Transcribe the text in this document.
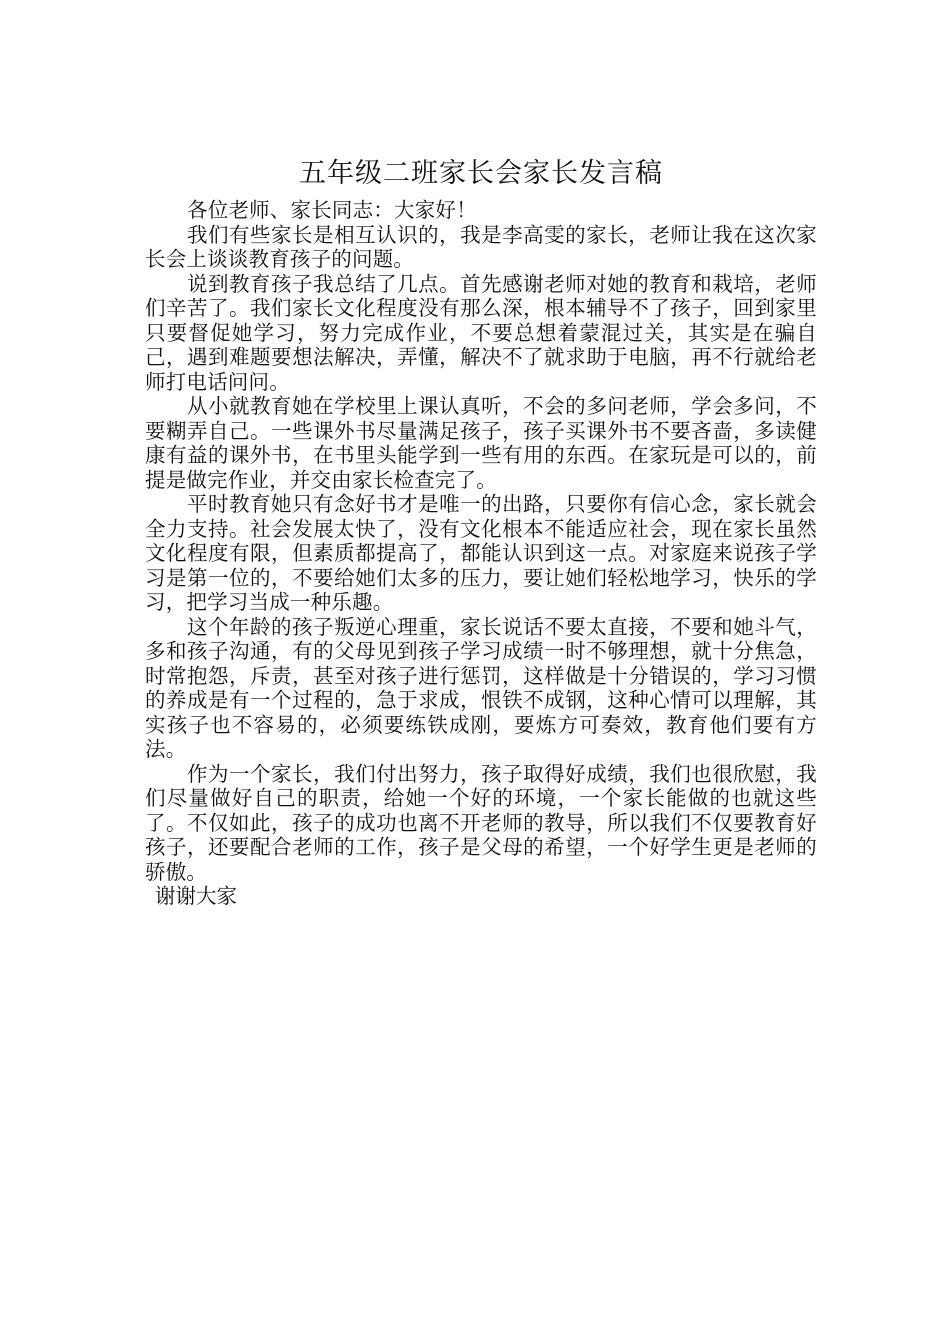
五年级二班家长会家长发言稿

各位老师、家长同志：大家好！

我们有些家长是相互认识的，我是李高雯的家长，老师让我在这次家长会上谈谈教育孩子的问题。

说到教育孩子我总结了几点。首先感谢老师对她的教育和栽培，老师们辛苦了。我们家长文化程度没有那么深，根本辅导不了孩子，回到家里只要督促她学习，努力完成作业，不要总想着蒙混过关，其实是在骗自己，遇到难题要想法解决，弄懂，解决不了就求助于电脑，再不行就给老师打电话问问。

从小就教育她在学校里上课认真听，不会的多问老师，学会多问，不要糊弄自己。一些课外书尽量满足孩子，孩子买课外书不要吝啬，多读健康有益的课外书，在书里头能学到一些有用的东西。在家玩是可以的，前提是做完作业，并交由家长检查完了。

平时教育她只有念好书才是唯一的出路，只要你有信心念，家长就会全力支持。社会发展太快了，没有文化根本不能适应社会，现在家长虽然文化程度有限，但素质都提高了，都能认识到这一点。对家庭来说孩子学习是第一位的，不要给她们太多的压力，要让她们轻松地学习，快乐的学习，把学习当成一种乐趣。

这个年龄的孩子叛逆心理重，家长说话不要太直接，不要和她斗气，多和孩子沟通，有的父母见到孩子学习成绩一时不够理想，就十分焦急，时常抱怨，斥责，甚至对孩子进行惩罚，这样做是十分错误的，学习习惯的养成是有一个过程的，急于求成，恨铁不成钢，这种心情可以理解，其实孩子也不容易的，必须要练铁成刚，要炼方可奏效，教育他们要有方法。

作为一个家长，我们付出努力，孩子取得好成绩，我们也很欣慰，我们尽量做好自己的职责，给她一个好的环境，一个家长能做的也就这些了。不仅如此，孩子的成功也离不开老师的教导，所以我们不仅要教育好孩子，还要配合老师的工作，孩子是父母的希望，一个好学生更是老师的骄傲。

谢谢大家
